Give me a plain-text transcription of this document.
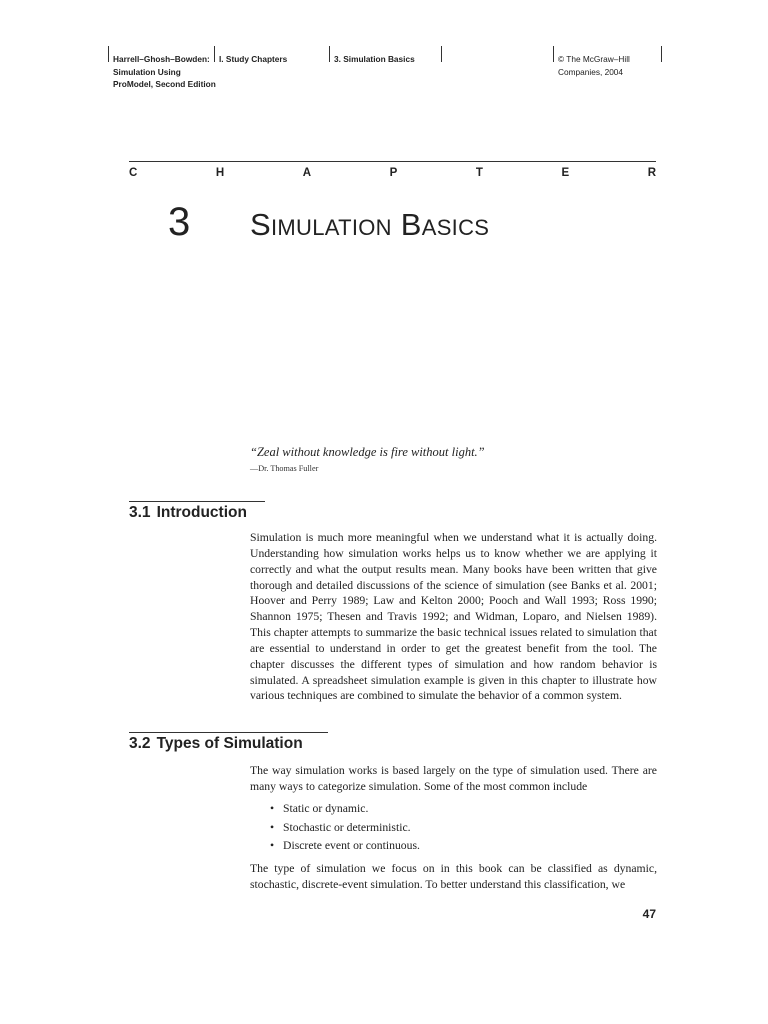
Harrell–Ghosh–Bowden:
Simulation Using
ProModel, Second Edition
I. Study Chapters	3. Simulation Basics	© The McGraw–Hill
Companies, 2004
C	H	A	P	T	E	R
3 Simulation Basics
“Zeal without knowledge is fire without light.”
—Dr. Thomas Fuller
3.1 Introduction

Simulation is much more meaningful when we understand what it is actually doing. Understanding how simulation works helps us to know whether we are applying it correctly and what the output results mean. Many books have been written that give thorough and detailed discussions of the science of simulation (see Banks et al. 2001; Hoover and Perry 1989; Law and Kelton 2000; Pooch and Wall 1993; Ross 1990; Shannon 1975; Thesen and Travis 1992; and Widman, Loparo, and Nielsen 1989). This chapter attempts to summarize the basic technical issues related to simulation that are essential to understand in order to get the greatest benefit from the tool. The chapter discusses the different types of simulation and how random behavior is simulated. A spreadsheet simulation example is given in this chapter to illustrate how various techniques are combined to simulate the behavior of a common system.

3.2 Types of Simulation

The way simulation works is based largely on the type of simulation used. There are many ways to categorize simulation. Some of the most common include

• Static or dynamic.
• Stochastic or deterministic.
• Discrete event or continuous.

The type of simulation we focus on in this book can be classified as dynamic, stochastic, discrete-event simulation. To better understand this classification, we

47
